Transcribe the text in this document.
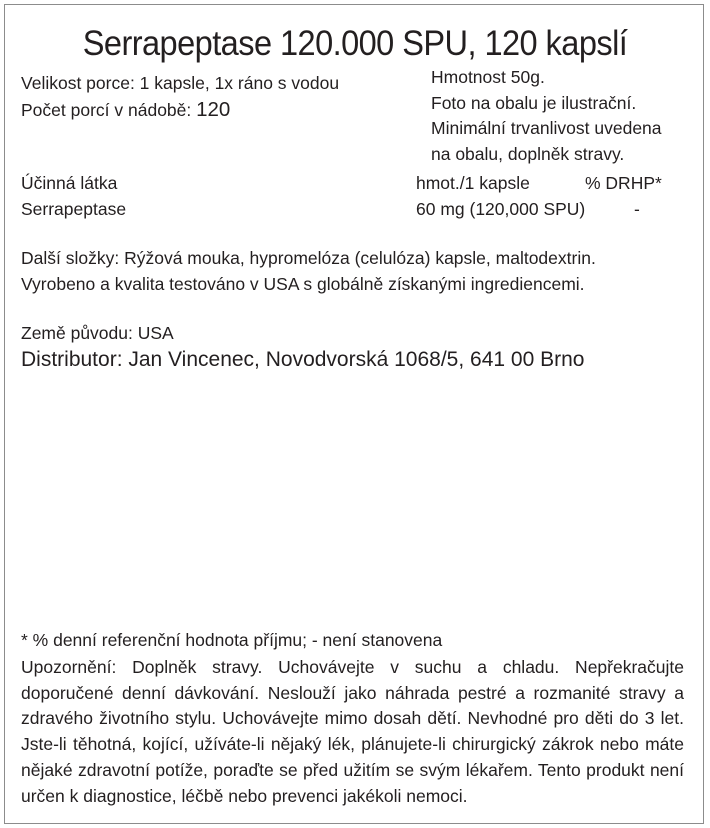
Serrapeptase 120.000 SPU, 120 kapslí
Velikost porce: 1 kapsle, 1x ráno s vodou
Počet porcí v nádobě: 120
Hmotnost 50g.
Foto na obalu je ilustrační.
Minimální trvanlivost uvedena
na obalu, doplněk stravy.
Účinná látka	hmot./1 kapsle	% DRHP*
Serrapeptase	60 mg (120,000 SPU)	-
Další složky: Rýžová mouka, hypromelóza (celulóza) kapsle, maltodextrin.
Vyrobeno a kvalita testováno v USA s globálně získanými ingrediencemi.
Země původu: USA
Distributor: Jan Vincenec, Novodvorská 1068/5, 641 00 Brno
* % denní referenční hodnota příjmu; - není stanovena
Upozornění: Doplněk stravy. Uchovávejte v suchu a chladu. Nepřekračujte doporučené denní dávkování. Neslouží jako náhrada pestré a rozmanité stravy a zdravého životního stylu. Uchovávejte mimo dosah dětí. Nevhodné pro děti do 3 let. Jste-li těhotná, kojící, užíváte-li nějaký lék, plánujete-li chirurgický zákrok nebo máte nějaké zdravotní potíže, poraďte se před užitím se svým lékařem. Tento produkt není určen k diagnostice, léčbě nebo prevenci jakékoli nemoci.
